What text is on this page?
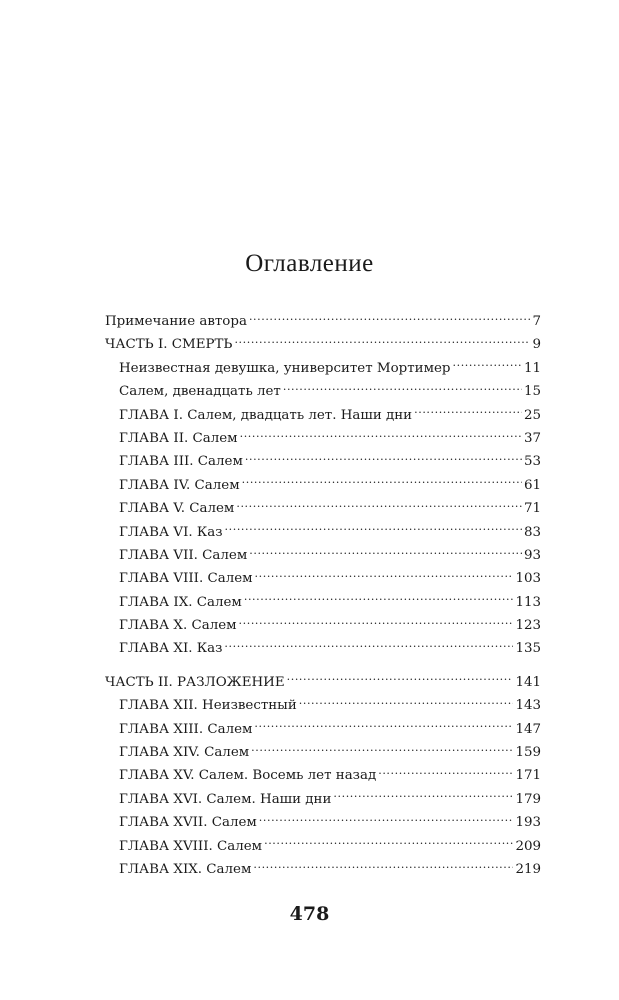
Оглавление
Примечание автора .....	7
ЧАСТЬ I. СМЕРТЬ .....	9
Неизвестная девушка, университет Мортимер .....	11
Салем, двенадцать лет .....	15
ГЛАВА I. Салем, двадцать лет. Наши дни .....	25
ГЛАВА II. Салем .....	37
ГЛАВА III. Салем .....	53
ГЛАВА IV. Салем .....	61
ГЛАВА V. Салем .....	71
ГЛАВА VI. Каз .....	83
ГЛАВА VII. Салем .....	93
ГЛАВА VIII. Салем .....	103
ГЛАВА IX. Салем .....	113
ГЛАВА X. Салем .....	123
ГЛАВА XI. Каз .....	135
ЧАСТЬ II. РАЗЛОЖЕНИЕ .....	141
ГЛАВА XII. Неизвестный .....	143
ГЛАВА XIII. Салем .....	147
ГЛАВА XIV. Салем .....	159
ГЛАВА XV. Салем. Восемь лет назад .....	171
ГЛАВА XVI. Салем. Наши дни .....	179
ГЛАВА XVII. Салем .....	193
ГЛАВА XVIII. Салем .....	209
ГЛАВА XIX. Салем .....	219
478
